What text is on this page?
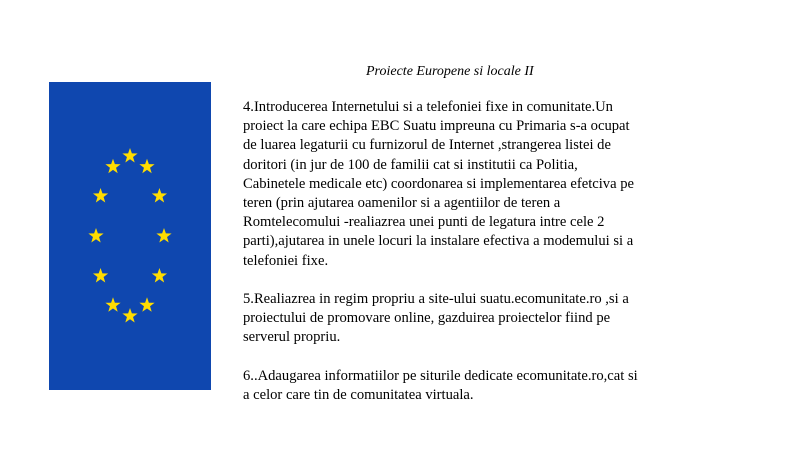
Proiecte Europene si locale II
4.Introducerea Internetului si a telefoniei fixe in comunitate.Un
proiect la care echipa EBC Suatu impreuna cu Primaria s-a ocupat
de luarea legaturii cu furnizorul de Internet ,strangerea listei de
doritori (in jur de 100 de familii cat si institutii ca Politia,
Cabinetele medicale etc) coordonarea si implementarea efetciva pe
teren (prin ajutarea oamenilor si a agentiilor de teren a
Romtelecomului -realiazrea unei punti de legatura intre cele 2
parti),ajutarea in unele locuri la instalare efectiva a modemului si a
telefoniei fixe.
5.Realiazrea in regim propriu a site-ului suatu.ecomunitate.ro ,si a
proiectului de promovare online, gazduirea proiectelor fiind pe
serverul propriu.
6..Adaugarea informatiilor pe siturile dedicate ecomunitate.ro,cat si
a celor care tin de comunitatea virtuala.
